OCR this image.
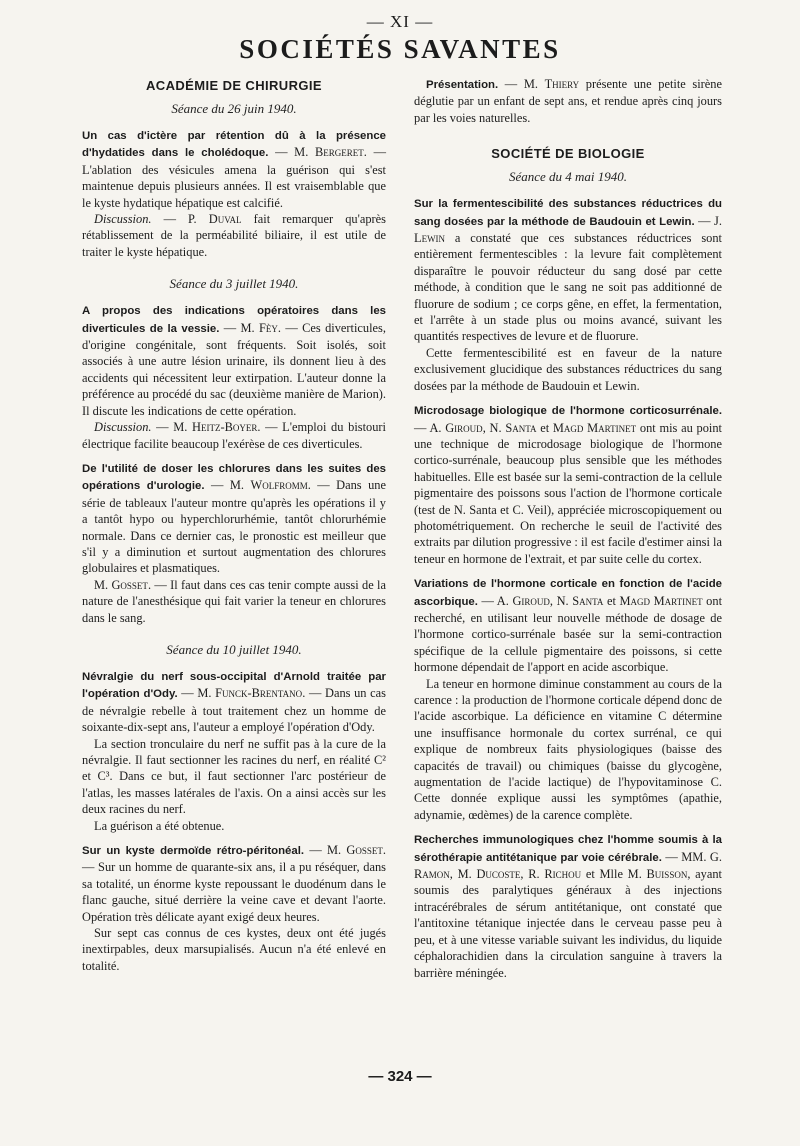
— XI —
SOCIÉTÉS SAVANTES
ACADÉMIE DE CHIRURGIE
Séance du 26 juin 1940.

Un cas d'ictère par rétention dû à la présence d'hydatides dans le cholédoque. — M. Bergeret. — L'ablation des vésicules amena la guérison qui s'est maintenue depuis plusieurs années. Il est vraisemblable que le kyste hydatique hépatique est calcifié.

Discussion. — P. Duval fait remarquer qu'après rétablissement de la perméabilité biliaire, il est utile de traiter le kyste hépatique.

Séance du 3 juillet 1940.

A propos des indications opératoires dans les diverticules de la vessie. — M. Fèy. — Ces diverticules, d'origine congénitale, sont fréquents. Soit isolés, soit associés à une autre lésion urinaire, ils donnent lieu à des accidents qui nécessitent leur extirpation. L'auteur donne la préférence au procédé du sac (deuxième manière de Marion). Il discute les indications de cette opération.

Discussion. — M. Heitz-Boyer. — L'emploi du bistouri électrique facilite beaucoup l'exérèse de ces diverticules.

De l'utilité de doser les chlorures dans les suites des opérations d'urologie. — M. Wolfromm. — Dans une série de tableaux l'auteur montre qu'après les opérations il y a tantôt hypo ou hyperchlorurhémie, tantôt chlorurhémie normale. Dans ce dernier cas, le pronostic est meilleur que s'il y a diminution et surtout augmentation des chlorures globulaires et plasmatiques.

M. Gosset. — Il faut dans ces cas tenir compte aussi de la nature de l'anesthésique qui fait varier la teneur en chlorures dans le sang.

Séance du 10 juillet 1940.

Névralgie du nerf sous-occipital d'Arnold traitée par l'opération d'Ody. — M. Funck-Brentano. — Dans un cas de névralgie rebelle à tout traitement chez un homme de soixante-dix-sept ans, l'auteur a employé l'opération d'Ody.

La section tronculaire du nerf ne suffit pas à la cure de la névralgie. Il faut sectionner les racines du nerf, en réalité C² et C³. Dans ce but, il faut sectionner l'arc postérieur de l'atlas, les masses latérales de l'axis. On a ainsi accès sur les deux racines du nerf.

La guérison a été obtenue.

Sur un kyste dermoïde rétro-péritonéal. — M. Gosset. — Sur un homme de quarante-six ans, il a pu réséquer, dans sa totalité, un énorme kyste repoussant le duodénum dans le flanc gauche, situé derrière la veine cave et devant l'aorte. Opération très délicate ayant exigé deux heures.

Sur sept cas connus de ces kystes, deux ont été jugés inextirpables, deux marsupialisés. Aucun n'a été enlevé en totalité.

Présentation. — M. Thiery présente une petite sirène déglutie par un enfant de sept ans, et rendue après cinq jours par les voies naturelles.

SOCIÉTÉ DE BIOLOGIE
Séance du 4 mai 1940.

Sur la fermentescibilité des substances réductrices du sang dosées par la méthode de Baudouin et Lewin. — J. Lewin a constaté que ces substances réductrices sont entièrement fermentescibles : la levure fait complètement disparaître le pouvoir réducteur du sang dosé par cette méthode, à condition que le sang ne soit pas additionné de fluorure de sodium ; ce corps gêne, en effet, la fermentation, et l'arrête à un stade plus ou moins avancé, suivant les quantités respectives de levure et de fluorure.

Cette fermentescibilité est en faveur de la nature exclusivement glucidique des substances réductrices du sang dosées par la méthode de Baudouin et Lewin.

Microdosage biologique de l'hormone corticosurrénale. — A. Giroud, N. Santa et Magd Martinet ont mis au point une technique de microdosage biologique de l'hormone cortico-surrénale, beaucoup plus sensible que les méthodes habituelles. Elle est basée sur la semi-contraction de la cellule pigmentaire des poissons sous l'action de l'hormone corticale (test de N. Santa et C. Veil), appréciée microscopiquement ou photométriquement. On recherche le seuil de l'activité des extraits par dilution progressive : il est facile d'estimer ainsi la teneur en hormone de l'extrait, et par suite celle du cortex.

Variations de l'hormone corticale en fonction de l'acide ascorbique. — A. Giroud, N. Santa et Magd Martinet ont recherché, en utilisant leur nouvelle méthode de dosage de l'hormone cortico-surrénale basée sur la semi-contraction spécifique de la cellule pigmentaire des poissons, si cette hormone dépendait de l'apport en acide ascorbique.

La teneur en hormone diminue constamment au cours de la carence : la production de l'hormone corticale dépend donc de l'acide ascorbique. La déficience en vitamine C détermine une insuffisance hormonale du cortex surrénal, ce qui explique de nombreux faits physiologiques (baisse des capacités de travail) ou chimiques (baisse du glycogène, augmentation de l'acide lactique) de l'hypovitaminose C. Cette donnée explique aussi les symptômes (apathie, adynamie, œdèmes) de la carence complète.

Recherches immunologiques chez l'homme soumis à la sérothérapie antitétanique par voie cérébrale. — MM. G. Ramon, M. Ducoste, R. Richou et Mlle M. Buisson, ayant soumis des paralytiques généraux à des injections intracérébrales de sérum antitétanique, ont constaté que l'antitoxine tétanique injectée dans le cerveau passe peu à peu, et à une vitesse variable suivant les individus, du liquide céphalorachidien dans la circulation sanguine à travers la barrière méningée.

— 324 —
